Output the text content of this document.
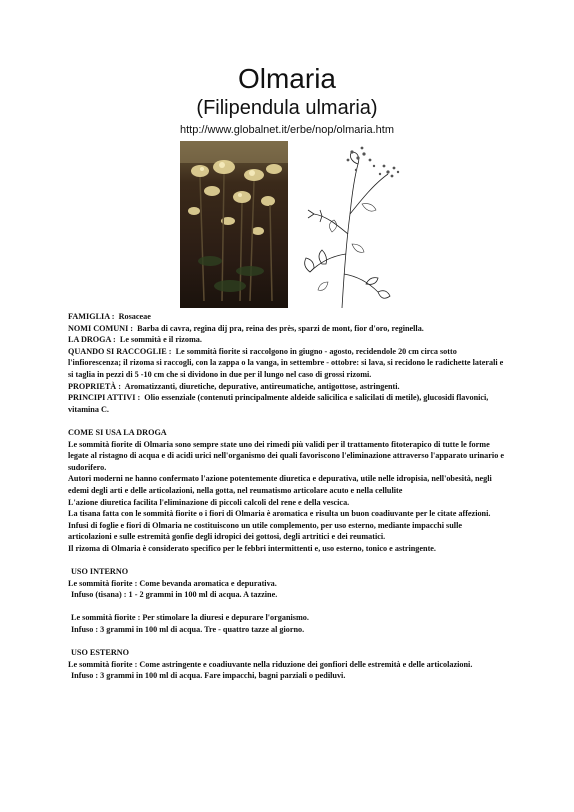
Olmaria
(Filipendula ulmaria)
http://www.globalnet.it/erbe/nop/olmaria.htm

FAMIGLIA : Rosaceae

NOMI COMUNI : Barba di cavra, regina dij pra, reina des près, sparzi de mont, fior d'oro, reginella.

LA DROGA : Le sommità e il rizoma.

QUANDO SI RACCOGLIE : Le sommità fiorite si raccolgono in giugno - agosto, recidendole 20 cm circa sotto l'infiorescenza; il rizoma si raccogli, con la zappa o la vanga, in settembre - ottobre: si lava, si recidono le radichette laterali e si taglia in pezzi di 5 -10 cm che si dividono in due per il lungo nel caso di grossi rizomi.

PROPRIETÀ : Aromatizzanti, diuretiche, depurative, antireumatiche, antigottose, astringenti.

PRINCIPI ATTIVI : Olio essenziale (contenuti principalmente aldeide salicilica e salicilati di metile), glucosidi flavonici, vitamina C.

COME SI USA LA DROGA

Le sommità fiorite di Olmaria sono sempre state uno dei rimedi più validi per il trattamento fitoterapico di tutte le forme legate al ristagno di acqua e di acidi urici nell'organismo dei quali favoriscono l'eliminazione attraverso l'apparato urinario e sudorifero.

Autori moderni ne hanno confermato l'azione potentemente diuretica e depurativa, utile nelle idropisia, nell'obesità, negli edemi degli arti e delle articolazioni, nella gotta, nel reumatismo articolare acuto e nella cellulite

L'azione diuretica facilita l'eliminazione di piccoli calcoli del rene e della vescica.

La tisana fatta con le sommità fiorite o i fiori di Olmaria è aromatica e risulta un buon coadiuvante per le citate affezioni.

Infusi di foglie e fiori di Olmaria ne costituiscono un utile complemento, per uso esterno, mediante impacchi sulle articolazioni e sulle estremità gonfie degli idropici dei gottosi, degli artritici e dei reumatici.

Il rizoma di Olmaria è considerato specifico per le febbri intermittenti e, uso esterno, tonico e astringente.

USO INTERNO

Le sommità fiorite : Come bevanda aromatica e depurativa.

Infuso (tisana) : 1 - 2 grammi in 100 ml di acqua. A tazzine.

Le sommità fiorite : Per stimolare la diuresi e depurare l'organismo.

Infuso : 3 grammi in 100 ml di acqua. Tre - quattro tazze al giorno.

USO ESTERNO

Le sommità fiorite : Come astringente e coadiuvante nella riduzione dei gonfiori delle estremità e delle articolazioni.

Infuso : 3 grammi in 100 ml di acqua. Fare impacchi, bagni parziali o pediluvi.
